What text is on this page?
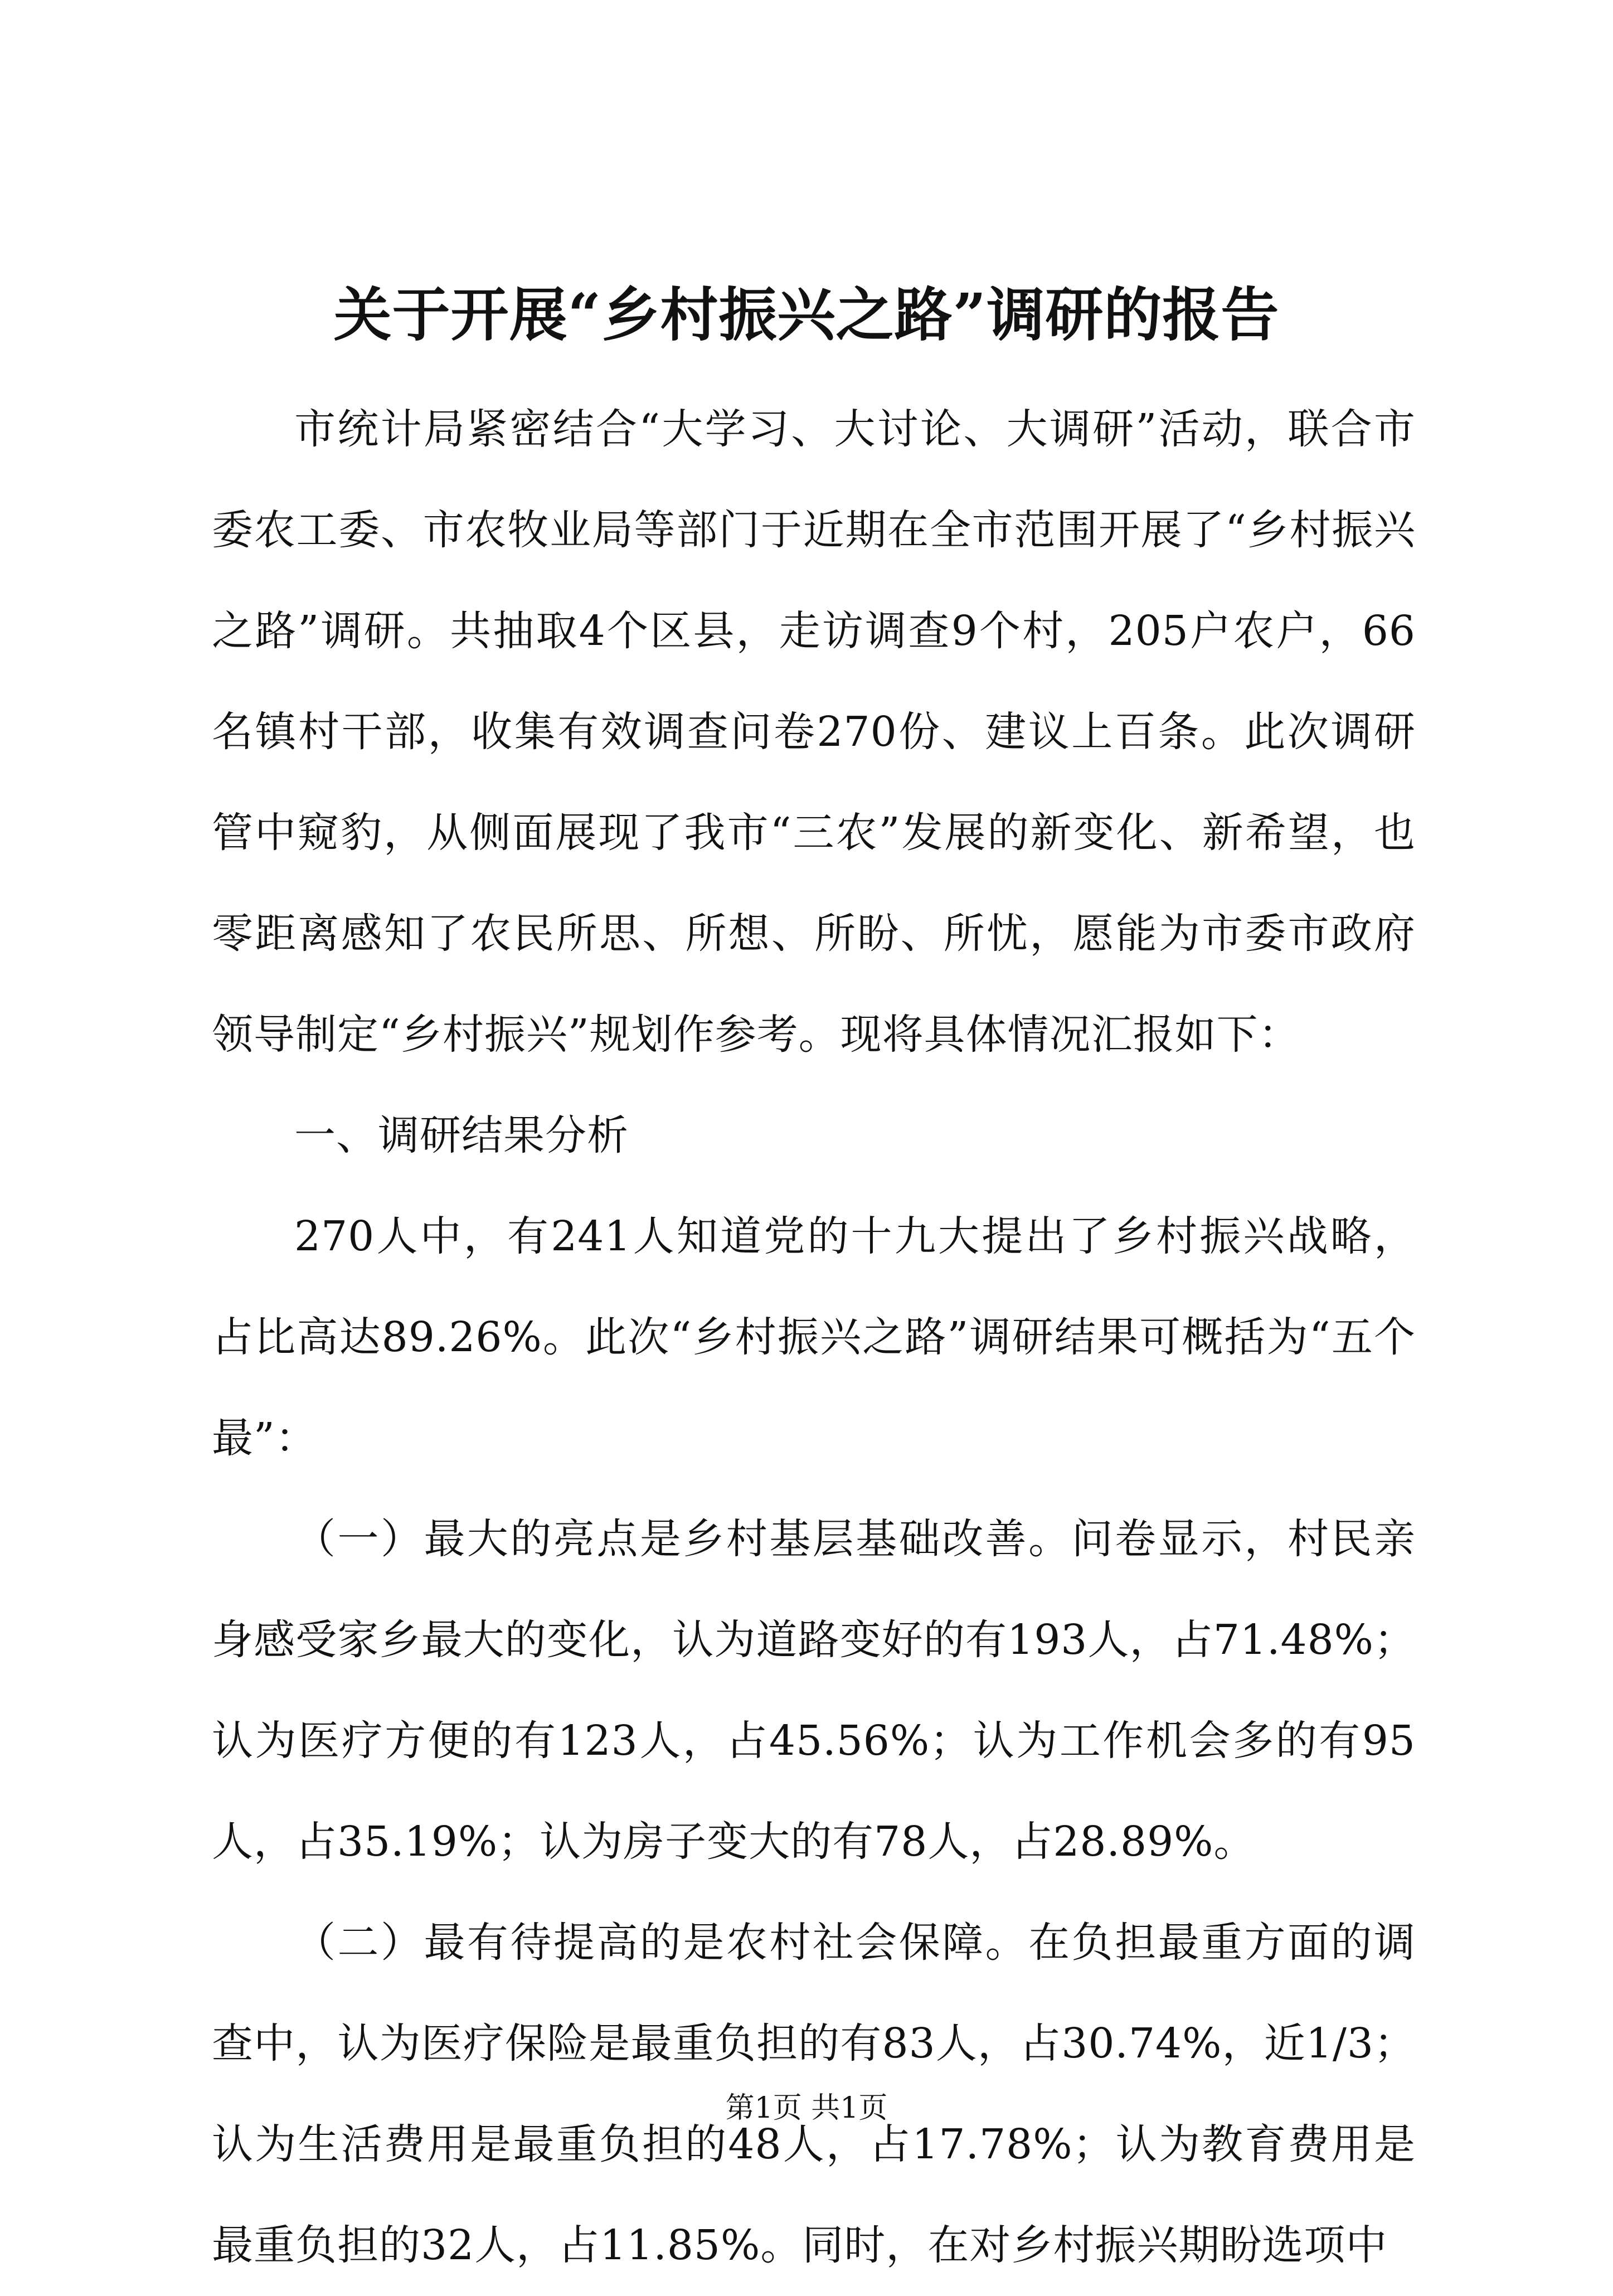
关于开展“乡村振兴之路”调研的报告

市统计局紧密结合“大学习、大讨论、大调研”活动，联合市委农工委、市农牧业局等部门于近期在全市范围开展了“乡村振兴之路”调研。共抽取4个区县，走访调查9个村，205户农户，66名镇村干部，收集有效调查问卷270份、建议上百条。此次调研管中窥豹，从侧面展现了我市“三农”发展的新变化、新希望，也零距离感知了农民所思、所想、所盼、所忧，愿能为市委市政府领导制定“乡村振兴”规划作参考。现将具体情况汇报如下：

一、调研结果分析

270人中，有241人知道党的十九大提出了乡村振兴战略，占比高达89.26%。此次“乡村振兴之路”调研结果可概括为“五个最”：

（一）最大的亮点是乡村基层基础改善。问卷显示，村民亲身感受家乡最大的变化，认为道路变好的有193人，占71.48%；认为医疗方便的有123人，占45.56%；认为工作机会多的有95人，占35.19%；认为房子变大的有78人，占28.89%。

（二）最有待提高的是农村社会保障。在负担最重方面的调查中，认为医疗保险是最重负担的有83人，占30.74%，近1/3；认为生活费用是最重负担的48人，占17.78%；认为教育费用是最重负担的32人，占11.85%。同时，在对乡村振兴期盼选项中

第1页 共1页
